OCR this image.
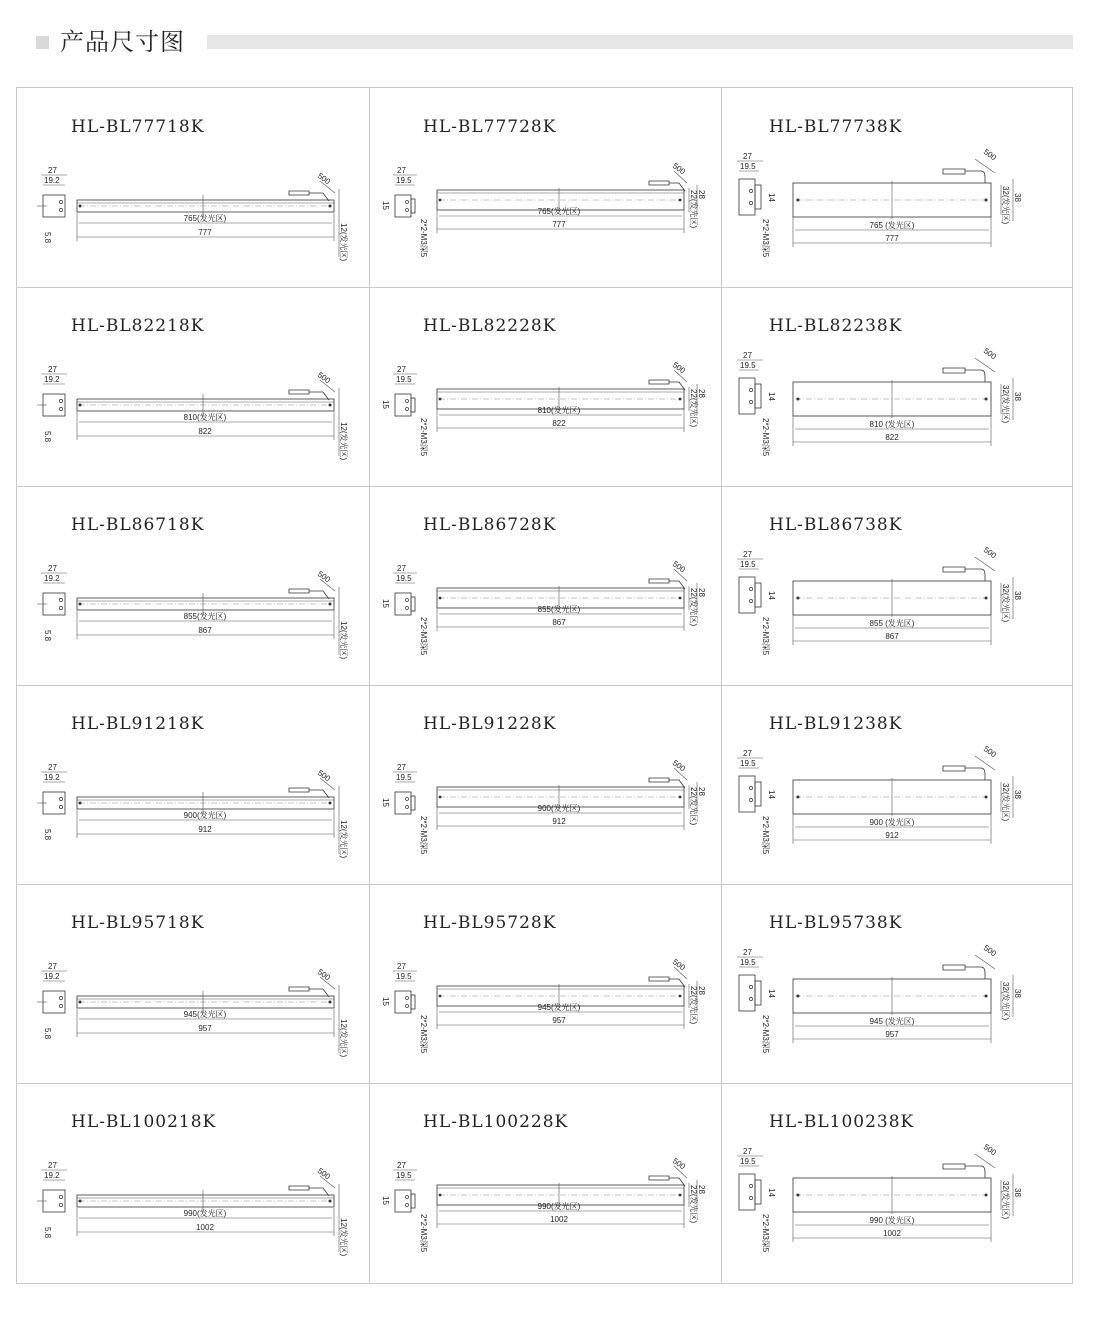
产品尺寸图
HL-BL77718K
27
19.2
5.8
500
765(发光区)
777	12(发光区)
HL-BL77728K
27
19.5
15
2*2-M3深5
500
765(发光区)
777	22(发光区) 28
HL-BL77738K
27
19.5
14
2*2-M3深5
500
765 (发光区)
777
32(发光区) 38
HL-BL82218K
27
19.2
5.8
500
810(发光区)
822	12(发光区)
HL-BL82228K
27
19.5
15
2*2-M3深5
500
810(发光区)
822	22(发光区) 28
HL-BL82238K
27
19.5
14
2*2-M3深5
500
810 (发光区)
822
32(发光区) 38
HL-BL86718K
27
19.2
5.8
500
855(发光区)
867	12(发光区)
HL-BL86728K
27
19.5
15
2*2-M3深5
500
855(发光区)
867	22(发光区) 28
HL-BL86738K
27
19.5
14
2*2-M3深5
500
855 (发光区)
867
32(发光区) 38
HL-BL91218K
27
19.2
5.8
500
900(发光区)
912	12(发光区)
HL-BL91228K
27
19.5
15
2*2-M3深5
500
900(发光区)
912	22(发光区) 28
HL-BL91238K
27
19.5
14
2*2-M3深5
500
900 (发光区)
912
32(发光区) 38
HL-BL95718K
27
19.2
5.8
500
945(发光区)
957	12(发光区)
HL-BL95728K
27
19.5
15
2*2-M3深5
500
945(发光区)
957	22(发光区) 28
HL-BL95738K
27
19.5
14
2*2-M3深5
500
945 (发光区)
957
32(发光区) 38
HL-BL100218K
27
19.2
5.8
500
990(发光区)
1002	12(发光区)
HL-BL100228K
27
19.5
15
2*2-M3深5
500
990(发光区)
1002	22(发光区) 28
HL-BL100238K
27
19.5
14
2*2-M3深5
500
990 (发光区)
1002
32(发光区) 38
